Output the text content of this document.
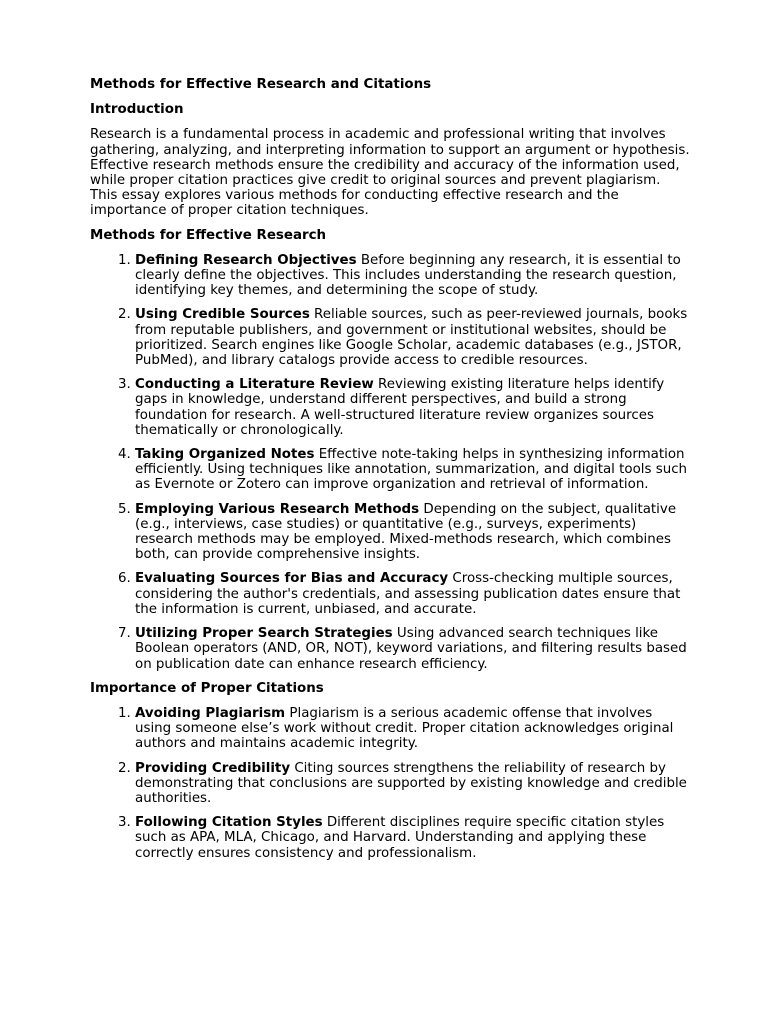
Methods for Effective Research and Citations
Introduction

Research is a fundamental process in academic and professional writing that involves gathering, analyzing, and interpreting information to support an argument or hypothesis. Effective research methods ensure the credibility and accuracy of the information used, while proper citation practices give credit to original sources and prevent plagiarism. This essay explores various methods for conducting effective research and the importance of proper citation techniques.

Methods for Effective Research
1. Defining Research Objectives Before beginning any research, it is essential to clearly define the objectives. This includes understanding the research question, identifying key themes, and determining the scope of study.
2. Using Credible Sources Reliable sources, such as peer-reviewed journals, books from reputable publishers, and government or institutional websites, should be prioritized. Search engines like Google Scholar, academic databases (e.g., JSTOR, PubMed), and library catalogs provide access to credible resources.
3. Conducting a Literature Review Reviewing existing literature helps identify gaps in knowledge, understand different perspectives, and build a strong foundation for research. A well-structured literature review organizes sources thematically or chronologically.
4. Taking Organized Notes Effective note-taking helps in synthesizing information efficiently. Using techniques like annotation, summarization, and digital tools such as Evernote or Zotero can improve organization and retrieval of information.
5. Employing Various Research Methods Depending on the subject, qualitative (e.g., interviews, case studies) or quantitative (e.g., surveys, experiments) research methods may be employed. Mixed-methods research, which combines both, can provide comprehensive insights.
6. Evaluating Sources for Bias and Accuracy Cross-checking multiple sources, considering the author's credentials, and assessing publication dates ensure that the information is current, unbiased, and accurate.
7. Utilizing Proper Search Strategies Using advanced search techniques like Boolean operators (AND, OR, NOT), keyword variations, and filtering results based on publication date can enhance research efficiency.
Importance of Proper Citations
1. Avoiding Plagiarism Plagiarism is a serious academic offense that involves using someone else’s work without credit. Proper citation acknowledges original authors and maintains academic integrity.
2. Providing Credibility Citing sources strengthens the reliability of research by demonstrating that conclusions are supported by existing knowledge and credible authorities.
3. Following Citation Styles Different disciplines require specific citation styles such as APA, MLA, Chicago, and Harvard. Understanding and applying these correctly ensures consistency and professionalism.
